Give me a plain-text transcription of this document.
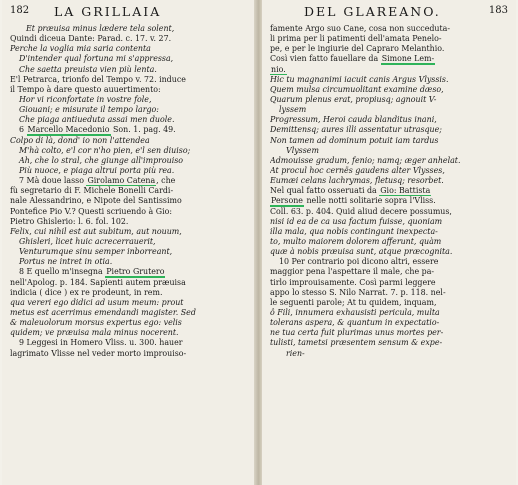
182 LA GRILLAIA
Et præuisa minus lædere tela solent,
Quindi diceua Dante: Parad. c. 17. v. 27.
Perche la voglia mia saria contenta
D'intender qual fortuna mi s'appressa,
Che saetta preuista vien più lenta.
E'l Petrarca, trionfo del Tempo v. 72. induce
il Tempo à dare questo auuertimento:
Hor vi riconfortate in vostre fole,
Giouani; e misurate il tempo largo:
Che piaga antiueduta assai men duole.
6 Marcello Macedonio Son. 1. pag. 49.
Colpo di là, dond' io non l'attendea
M'hà colto, e'l cor n'ho pien, e'l sen diuiso;
Ah, che lo stral, che giunge all'improuiso
Più nuoce, e piaga altrui porta più rea.
7 Mà doue lasso Girolamo Catena, che
fù segretario di F. Michele Bonelli Cardi-
nale Alessandrino, e Nipote del Santissimo
Pontefice Pio V.? Questi scriuendo à Gio:
Pietro Ghislerio: l. 6. fol. 102.
Felix, cui nihil est aut subitum, aut nouum,
Ghisleri, licet huic acrecerrauerit,
Venturumque sinu semper inborreant,
Portus ne intret in otia.
8 E quello m'insegna Pietro Grutero
nell'Apolog. p. 184. Sapienti autem præuisa
indicia ( dice ) ex re prodeunt, in rem.
qua vereri ego didici ad usum meum: prout
metus est acerrimus emendandi magister. Sed
& maleuolorum morsus expertus ego: velis
quidem; ve præuisa mala minus nocerent.
9 Leggesi in Homero Vliss. u. 300. hauer
lagrimato Vlisse nel veder morto improuiso-
DEL GLAREANO.	183
famente Argo suo Cane, cosa non succeduta-
li prima per li patimenti dell'amata Penelo-
pe, e per le ingiurie del Capraro Melanthio.
Così vien fatto fauellare da Simone Lem-
nio.
Hic tu magnanimi iacuit canis Argus Vlyssis.
Quem mulsa circumuolitant examine dæso,
Quarum plenus erat, propiusq; agnouit V-
lyssem
Progressum, Heroi cauda blanditus inani,
Demittensq; aures illi assentatur utrasque;
Non tamen ad dominum potuit iam tardus
Vlyssem
Admouisse gradum, fenio; namq; æger anhelat.
At procul hoc cernës gaudens alter Vlysses,
Eumæi celans lachrymas, fletusq; resorbet.
Nel qual fatto osseruati da Gio: Battista
Persone nelle notti solitarie sopra l'Vliss.
Coll. 63. p. 404. Quid aliud decere possumus,
nisi id ea de ca usa factum fuisse, quoniam
illa mala, qua nobis contingunt inexpecta-
to, multo maiorem dolorem afferunt, quàm
quæ à nobis præuisa sunt, atque præcognita.
10 Per contrario poi dicono altri, essere
maggior pena l'aspettare il male, che pa-
tirlo improuisamente. Così parmi leggere
appo lo stesso S. Nilo Narrat. 7. p. 118. nel-
le seguenti parole; At tu quidem, inquam,
ô Fili, innumera exhausisti pericula, multa
tolerans aspera, & quantum in expectatio-
ne tua certa fuit plurimas unus mortes per-
tulisti, tametsi præsentem sensum & expe-
rien-
